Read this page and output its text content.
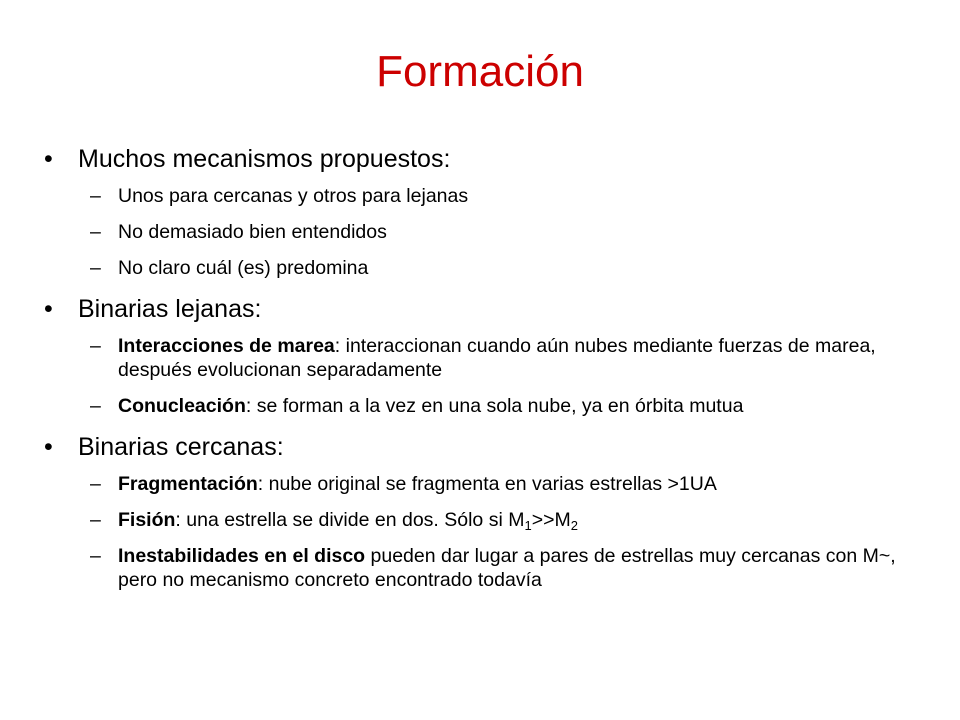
Formación
• Muchos mecanismos propuestos:
– Unos para cercanas y otros para lejanas
– No demasiado bien entendidos
– No claro cuál (es) predomina
• Binarias lejanas:
– Interacciones de marea: interaccionan cuando aún nubes mediante fuerzas de marea, después evolucionan separadamente
– Conucleación: se forman a la vez en una sola nube, ya en órbita mutua
• Binarias cercanas:
– Fragmentación: nube original se fragmenta en varias estrellas >1UA
– Fisión: una estrella se divide en dos. Sólo si $M_1>>M_2$
– Inestabilidades en el disco pueden dar lugar a pares de estrellas muy cercanas con M~, pero no mecanismo concreto encontrado todavía
